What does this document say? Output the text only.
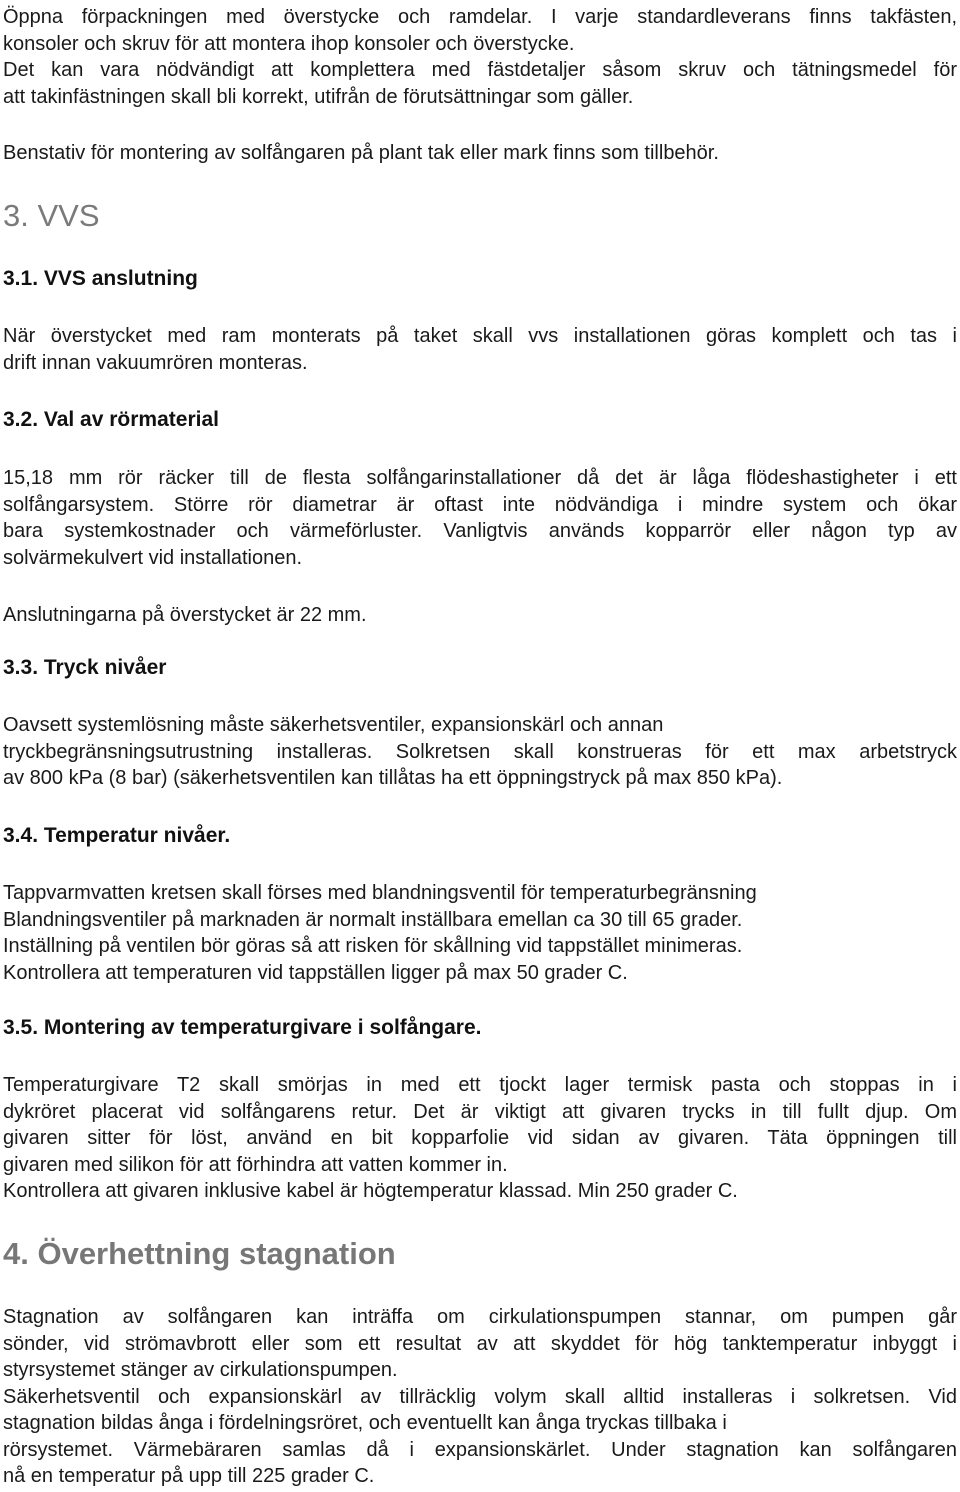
Öppna förpackningen med överstycke och ramdelar. I varje standardleverans finns takfästen,
konsoler och skruv för att montera ihop konsoler och överstycke.
Det kan vara nödvändigt att komplettera med fästdetaljer såsom skruv och tätningsmedel för
att takinfästningen skall bli korrekt, utifrån de förutsättningar som gäller.

Benstativ för montering av solfångaren på plant tak eller mark finns som tillbehör.

3. VVS
3.1. VVS anslutning

När överstycket med ram monterats på taket skall vvs installationen göras komplett och tas i
drift innan vakuumrören monteras.

3.2. Val av rörmaterial

15,18 mm rör räcker till de flesta solfångarinstallationer då det är låga flödeshastigheter i ett
solfångarsystem. Större rör diametrar är oftast inte nödvändiga i mindre system och ökar
bara systemkostnader och värmeförluster. Vanligtvis används kopparrör eller någon typ av
solvärmekulvert vid installationen.

Anslutningarna på överstycket är 22 mm.

3.3. Tryck nivåer

Oavsett systemlösning måste säkerhetsventiler, expansionskärl och annan
tryckbegränsningsutrustning installeras. Solkretsen skall konstrueras för ett max arbetstryck
av 800 kPa (8 bar) (säkerhetsventilen kan tillåtas ha ett öppningstryck på max 850 kPa).

3.4. Temperatur nivåer.

Tappvarmvatten kretsen skall förses med blandningsventil för temperaturbegränsning
Blandningsventiler på marknaden är normalt inställbara emellan ca 30 till 65 grader.
Inställning på ventilen bör göras så att risken för skållning vid tappstället minimeras.
Kontrollera att temperaturen vid tappställen ligger på max 50 grader C.

3.5. Montering av temperaturgivare i solfångare.

Temperaturgivare T2 skall smörjas in med ett tjockt lager termisk pasta och stoppas in i
dykröret placerat vid solfångarens retur. Det är viktigt att givaren trycks in till fullt djup. Om
givaren sitter för löst, använd en bit kopparfolie vid sidan av givaren. Täta öppningen till
givaren med silikon för att förhindra att vatten kommer in.
Kontrollera att givaren inklusive kabel är högtemperatur klassad. Min 250 grader C.

4. Överhettning stagnation

Stagnation av solfångaren kan inträffa om cirkulationspumpen stannar, om pumpen går
sönder, vid strömavbrott eller som ett resultat av att skyddet för hög tanktemperatur inbyggt i
styrsystemet stänger av cirkulationspumpen.
Säkerhetsventil och expansionskärl av tillräcklig volym skall alltid installeras i solkretsen. Vid
stagnation bildas ånga i fördelningsröret, och eventuellt kan ånga tryckas tillbaka i
rörsystemet. Värmebäraren samlas då i expansionskärlet. Under stagnation kan solfångaren
nå en temperatur på upp till 225 grader C.
